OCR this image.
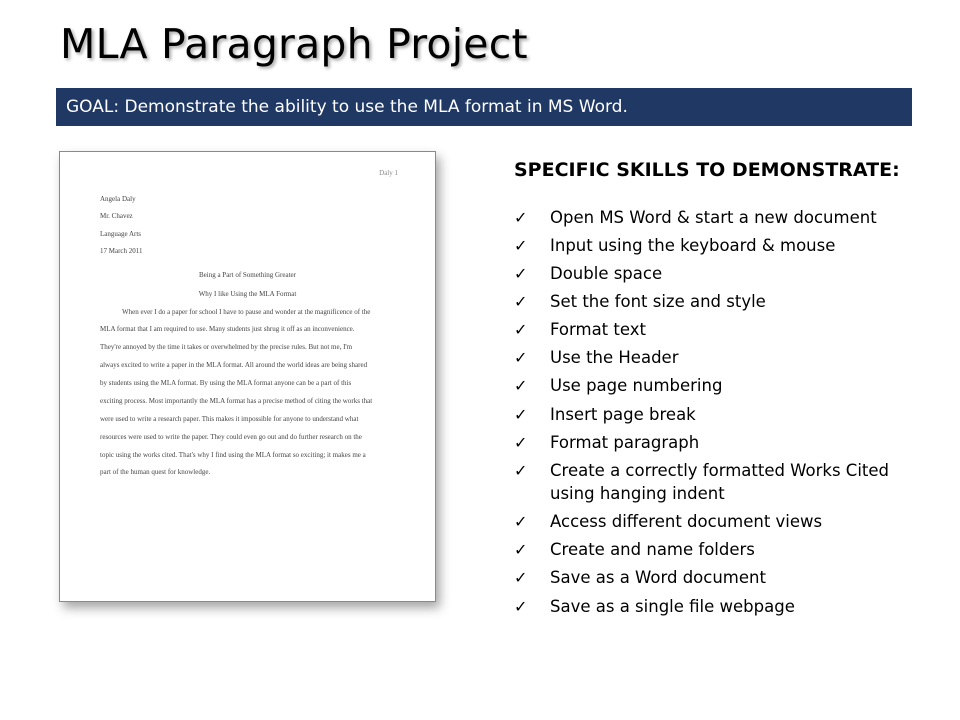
MLA Paragraph Project
GOAL: Demonstrate the ability to use the MLA format in MS Word.
Daly 1
Angela Daly
Mr. Chavez
Language Arts
17 March 2011
Being a Part of Something Greater
Why I like Using the MLA Format
When ever I do a paper for school I have to pause and wonder at the magnificence of the
MLA format that I am required to use. Many students just shrug it off as an inconvenience.
They're annoyed by the time it takes or overwhelmed by the precise rules. But not me, I'm
always excited to write a paper in the MLA format. All around the world ideas are being shared
by students using the MLA format. By using the MLA format anyone can be a part of this
exciting process. Most importantly the MLA format has a precise method of citing the works that
were used to write a research paper. This makes it impossible for anyone to understand what
resources were used to write the paper. They could even go out and do further research on the
topic using the works cited. That's why I find using the MLA format so exciting; it makes me a
part of the human quest for knowledge.
SPECIFIC SKILLS TO DEMONSTRATE:
✓ Open MS Word & start a new document
✓ Input using the keyboard & mouse
✓ Double space
✓ Set the font size and style
✓ Format text
✓ Use the Header
✓ Use page numbering
✓ Insert page break
✓ Format paragraph
✓ Create a correctly formatted Works Cited using hanging indent
✓ Access different document views
✓ Create and name folders
✓ Save as a Word document
✓ Save as a single file webpage
